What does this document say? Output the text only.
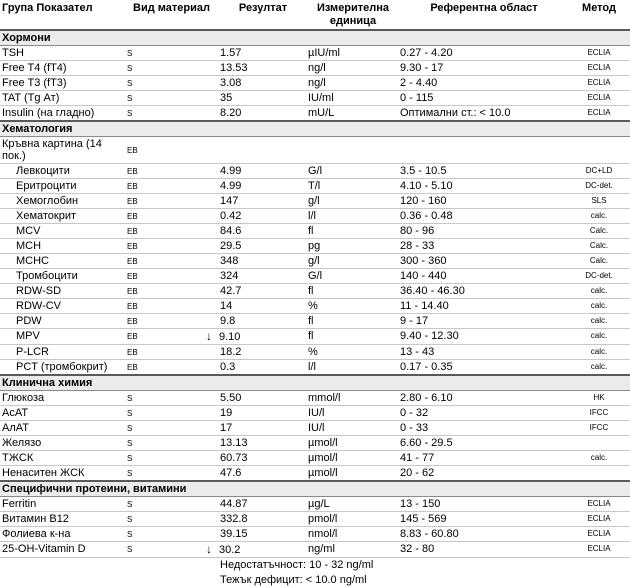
Група Показател	Вид материал	Резултат	Измерителна единица	Референтна област	Метод
Хормони					
TSH	S	1.57	µIU/ml	0.27 - 4.20	ECLIA
Free T4 (fT4)	S	13.53	ng/l	9.30 - 17	ECLIA
Free T3 (fT3)	S	3.08	ng/l	2 - 4.40	ECLIA
TAT (Tg Ат)	S	35	IU/ml	0 - 115	ECLIA
Insulin (на гладно)	S	8.20	mU/L	Оптимални ст.: < 10.0	ECLIA
Хематология					
Кръвна картина (14 пок.)	EB				
Левкоцити	EB	4.99	G/l	3.5 - 10.5	DC+LD
Еритроцити	EB	4.99	T/l	4.10 - 5.10	DC-det.
Хемоглобин	EB	147	g/l	120 - 160	SLS
Хематокрит	EB	0.42	l/l	0.36 - 0.48	calc.
MCV	EB	84.6	fl	80 - 96	Calc.
MCH	EB	29.5	pg	28 - 33	Calc.
MCHC	EB	348	g/l	300 - 360	Calc.
Тромбоцити	EB	324	G/l	140 - 440	DC-det.
RDW-SD	EB	42.7	fl	36.40 - 46.30	calc.
RDW-CV	EB	14	%	11 - 14.40	calc.
PDW	EB	9.8	fl	9 - 17	calc.
MPV	EB	↓ 9.10	fl	9.40 - 12.30	calc.
P-LCR	EB	18.2	%	13 - 43	calc.
PCT (тромбокрит)	EB	0.3	l/l	0.17 - 0.35	calc.
Клинична химия					
Глюкоза	S	5.50	mmol/l	2.80 - 6.10	HK
АсАТ	S	19	IU/l	0 - 32	IFCC
АлАТ	S	17	IU/l	0 - 33	IFCC
Желязо	S	13.13	µmol/l	6.60 - 29.5	
ТЖСК	S	60.73	µmol/l	41 - 77	calc.
Ненаситен ЖСК	S	47.6	µmol/l	20 - 62	
Специфични протеини, витамини					
Ferritin	S	44.87	µg/L	13 - 150	ECLIA
Витамин B12	S	332.8	pmol/l	145 - 569	ECLIA
Фолиева к-на	S	39.15	nmol/l	8.83 - 60.80	ECLIA
25-OH-Vitamin D	S	↓ 30.2	ng/ml	32 - 80	ECLIA
		Недостатъчност: 10 - 32 ng/ml			
		Тежък дефицит: < 10.0 ng/ml			
